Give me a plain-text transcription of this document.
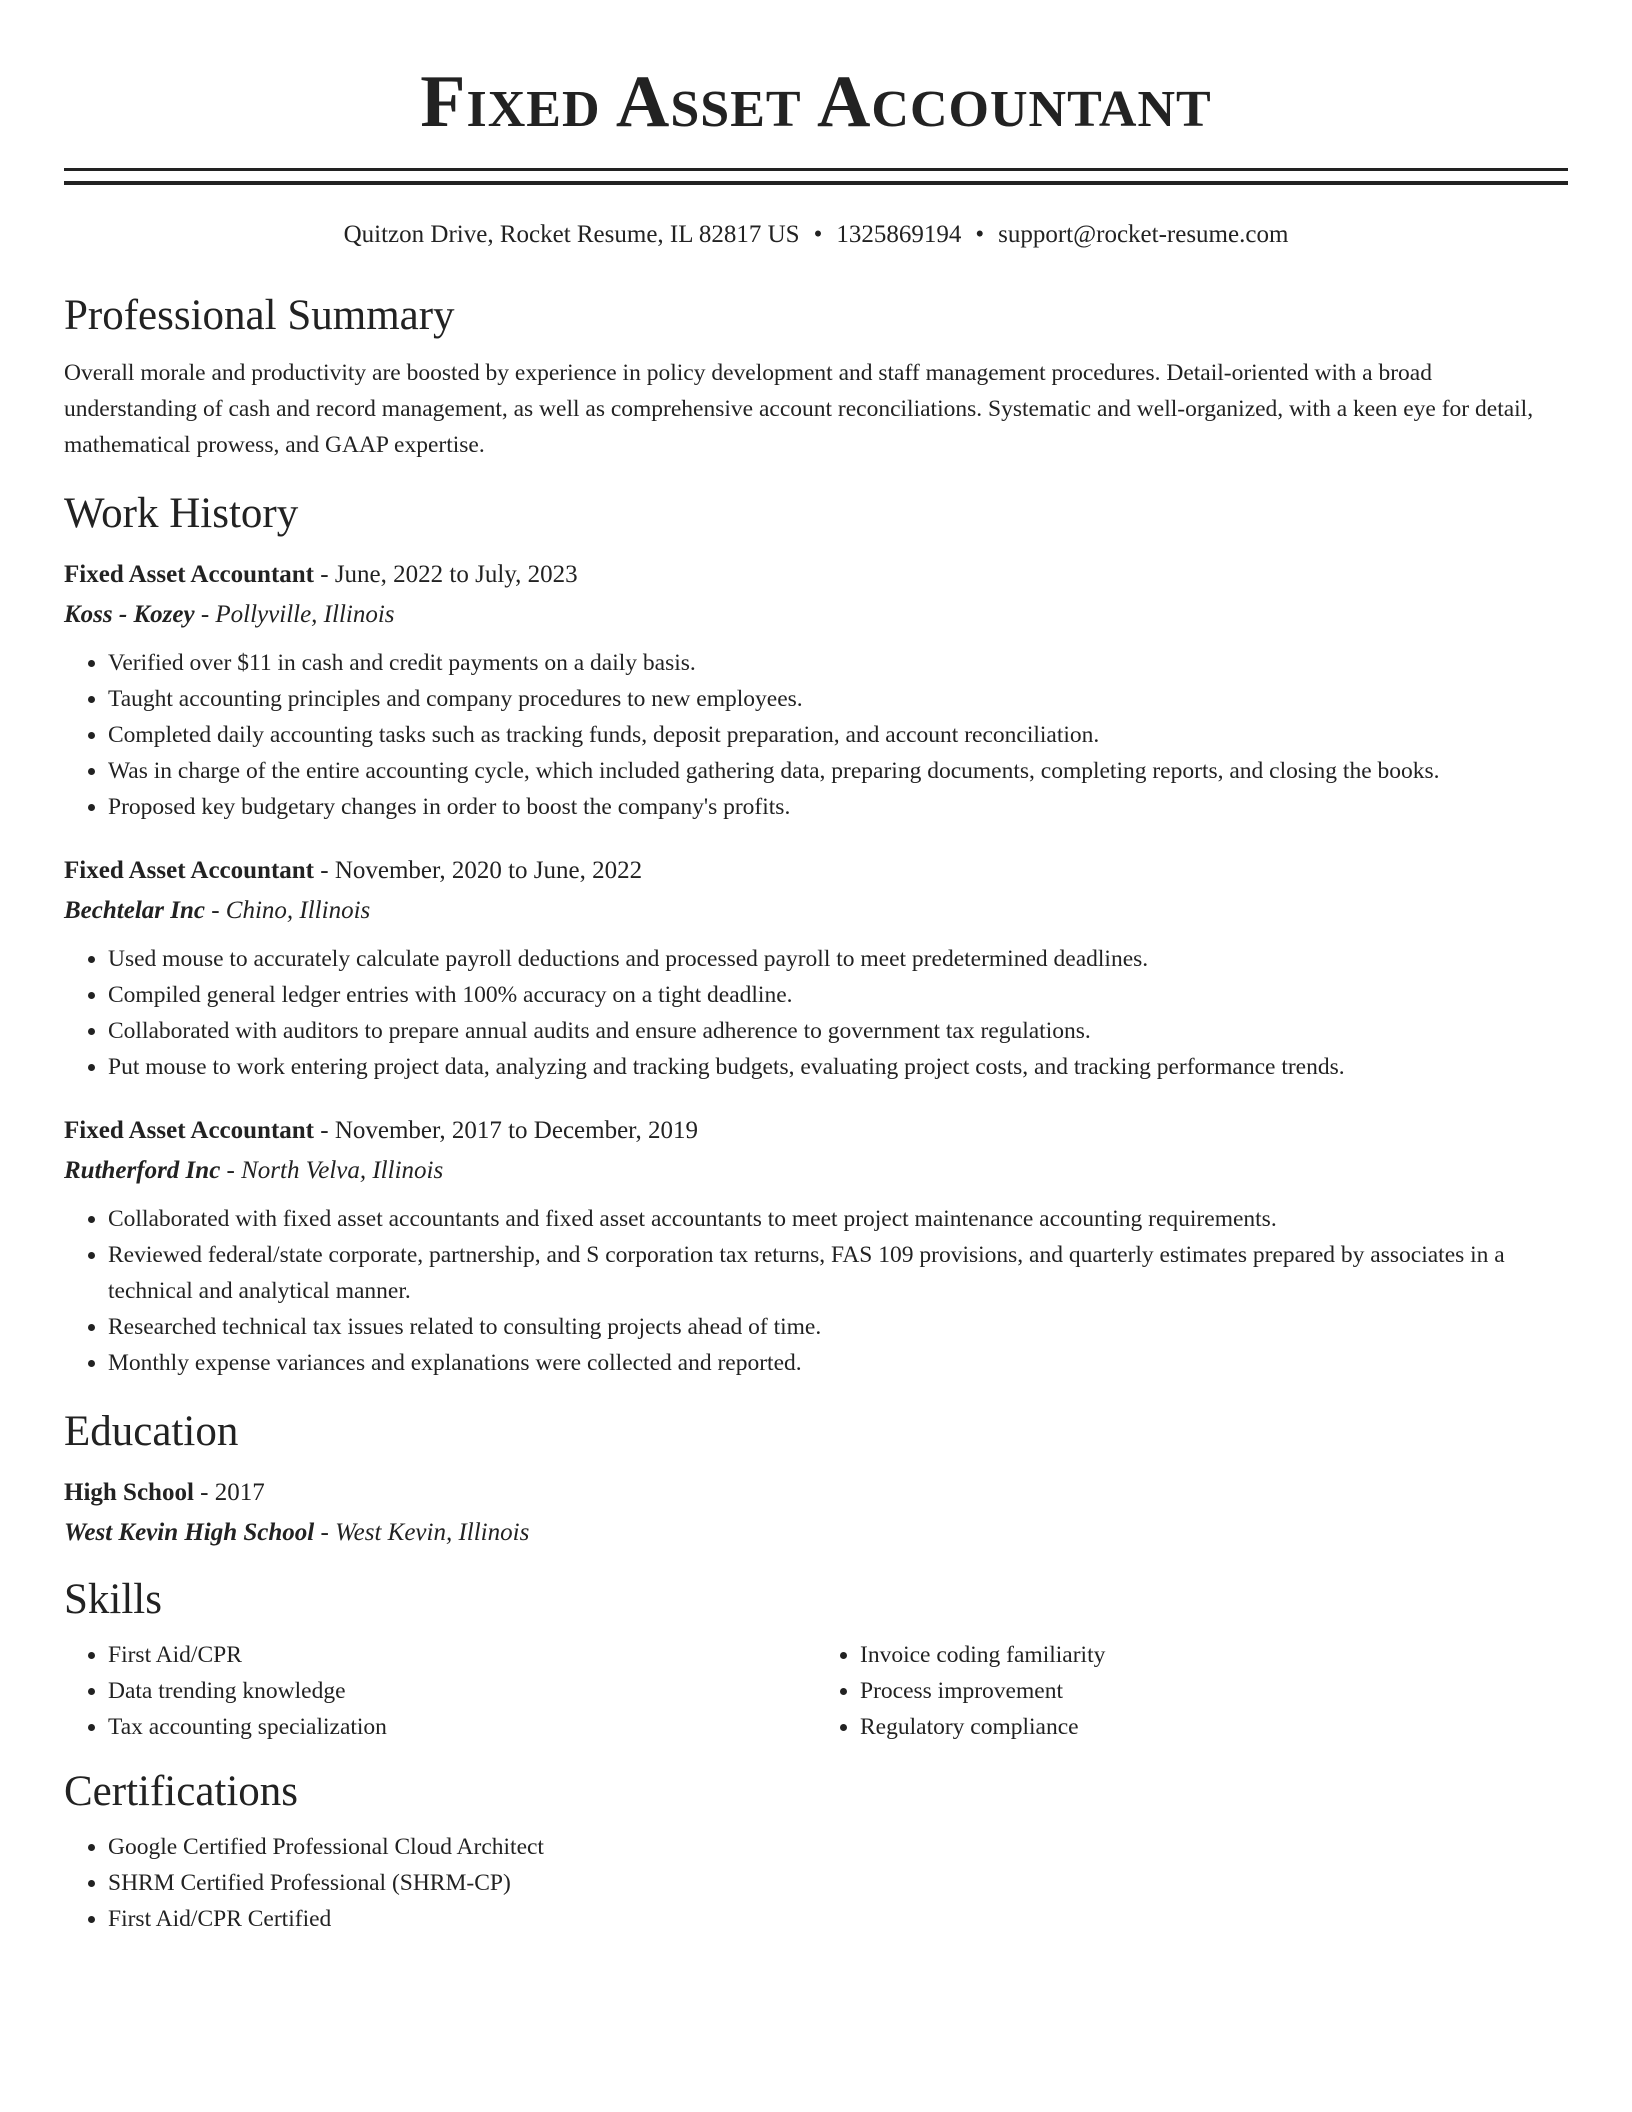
Fixed Asset Accountant
Quitzon Drive, Rocket Resume, IL 82817 US • 1325869194 • support@rocket-resume.com
Professional Summary
Overall morale and productivity are boosted by experience in policy development and staff management procedures. Detail-oriented with a broad understanding of cash and record management, as well as comprehensive account reconciliations. Systematic and well-organized, with a keen eye for detail, mathematical prowess, and GAAP expertise.
Work History
Fixed Asset Accountant - June, 2022 to July, 2023
Koss - Kozey - Pollyville, Illinois
• Verified over $11 in cash and credit payments on a daily basis.
• Taught accounting principles and company procedures to new employees.
• Completed daily accounting tasks such as tracking funds, deposit preparation, and account reconciliation.
• Was in charge of the entire accounting cycle, which included gathering data, preparing documents, completing reports, and closing the books.
• Proposed key budgetary changes in order to boost the company's profits.
Fixed Asset Accountant - November, 2020 to June, 2022
Bechtelar Inc - Chino, Illinois
• Used mouse to accurately calculate payroll deductions and processed payroll to meet predetermined deadlines.
• Compiled general ledger entries with 100% accuracy on a tight deadline.
• Collaborated with auditors to prepare annual audits and ensure adherence to government tax regulations.
• Put mouse to work entering project data, analyzing and tracking budgets, evaluating project costs, and tracking performance trends.
Fixed Asset Accountant - November, 2017 to December, 2019
Rutherford Inc - North Velva, Illinois
• Collaborated with fixed asset accountants and fixed asset accountants to meet project maintenance accounting requirements.
• Reviewed federal/state corporate, partnership, and S corporation tax returns, FAS 109 provisions, and quarterly estimates prepared by associates in a technical and analytical manner.
• Researched technical tax issues related to consulting projects ahead of time.
• Monthly expense variances and explanations were collected and reported.
Education
High School - 2017
West Kevin High School - West Kevin, Illinois
Skills
• First Aid/CPR
• Data trending knowledge
• Tax accounting specialization
• Invoice coding familiarity
• Process improvement
• Regulatory compliance
Certifications
• Google Certified Professional Cloud Architect
• SHRM Certified Professional (SHRM-CP)
• First Aid/CPR Certified
